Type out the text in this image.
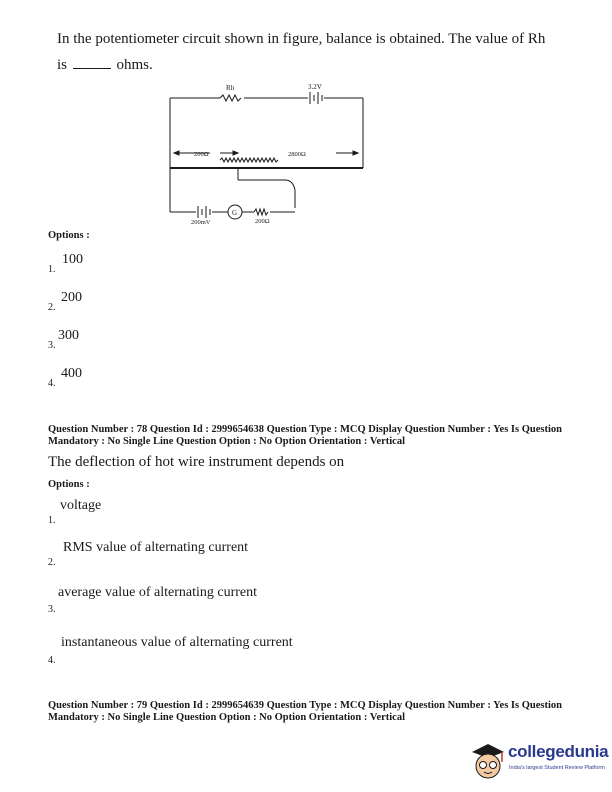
In the potentiometer circuit shown in figure, balance is obtained. The value of Rh
is	ohms.
Rh	3.2V
200Ω	2800Ω
G
200mV	200Ω
Options :
1.
100
2.
200
3.
300
4.
400
Question Number : 78 Question Id : 2999654638 Question Type : MCQ Display Question Number : Yes Is Question
Mandatory : No Single Line Question Option : No Option Orientation : Vertical
The deflection of hot wire instrument depends on
Options :
voltage
1.
RMS value of alternating current
2.
average value of alternating current
3.
instantaneous value of alternating current
4.
Question Number : 79 Question Id : 2999654639 Question Type : MCQ Display Question Number : Yes Is Question
Mandatory : No Single Line Question Option : No Option Orientation : Vertical
collegedunia
India's largest Student Review Platform
